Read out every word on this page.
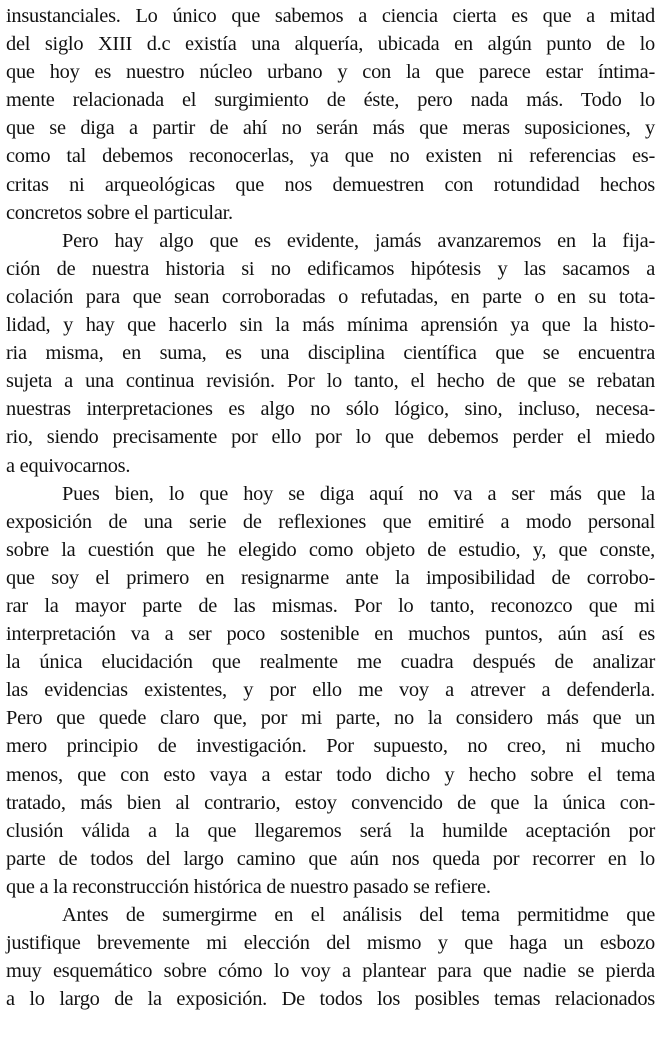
insustanciales. Lo único que sabemos a ciencia cierta es que a mitad
del siglo XIII d.c existía una alquería, ubicada en algún punto de lo
que hoy es nuestro núcleo urbano y con la que parece estar íntima-
mente relacionada el surgimiento de éste, pero nada más. Todo lo
que se diga a partir de ahí no serán más que meras suposiciones, y
como tal debemos reconocerlas, ya que no existen ni referencias es-
critas ni arqueológicas que nos demuestren con rotundidad hechos
concretos sobre el particular.
Pero hay algo que es evidente, jamás avanzaremos en la fija-
ción de nuestra historia si no edificamos hipótesis y las sacamos a
colación para que sean corroboradas o refutadas, en parte o en su tota-
lidad, y hay que hacerlo sin la más mínima aprensión ya que la histo-
ria misma, en suma, es una disciplina científica que se encuentra
sujeta a una continua revisión. Por lo tanto, el hecho de que se rebatan
nuestras interpretaciones es algo no sólo lógico, sino, incluso, necesa-
rio, siendo precisamente por ello por lo que debemos perder el miedo
a equivocarnos.
Pues bien, lo que hoy se diga aquí no va a ser más que la
exposición de una serie de reflexiones que emitiré a modo personal
sobre la cuestión que he elegido como objeto de estudio, y, que conste,
que soy el primero en resignarme ante la imposibilidad de corrobo-
rar la mayor parte de las mismas. Por lo tanto, reconozco que mi
interpretación va a ser poco sostenible en muchos puntos, aún así es
la única elucidación que realmente me cuadra después de analizar
las evidencias existentes, y por ello me voy a atrever a defenderla.
Pero que quede claro que, por mi parte, no la considero más que un
mero principio de investigación. Por supuesto, no creo, ni mucho
menos, que con esto vaya a estar todo dicho y hecho sobre el tema
tratado, más bien al contrario, estoy convencido de que la única con-
clusión válida a la que llegaremos será la humilde aceptación por
parte de todos del largo camino que aún nos queda por recorrer en lo
que a la reconstrucción histórica de nuestro pasado se refiere.
Antes de sumergirme en el análisis del tema permitidme que
justifique brevemente mi elección del mismo y que haga un esbozo
muy esquemático sobre cómo lo voy a plantear para que nadie se pierda
a lo largo de la exposición. De todos los posibles temas relacionados
